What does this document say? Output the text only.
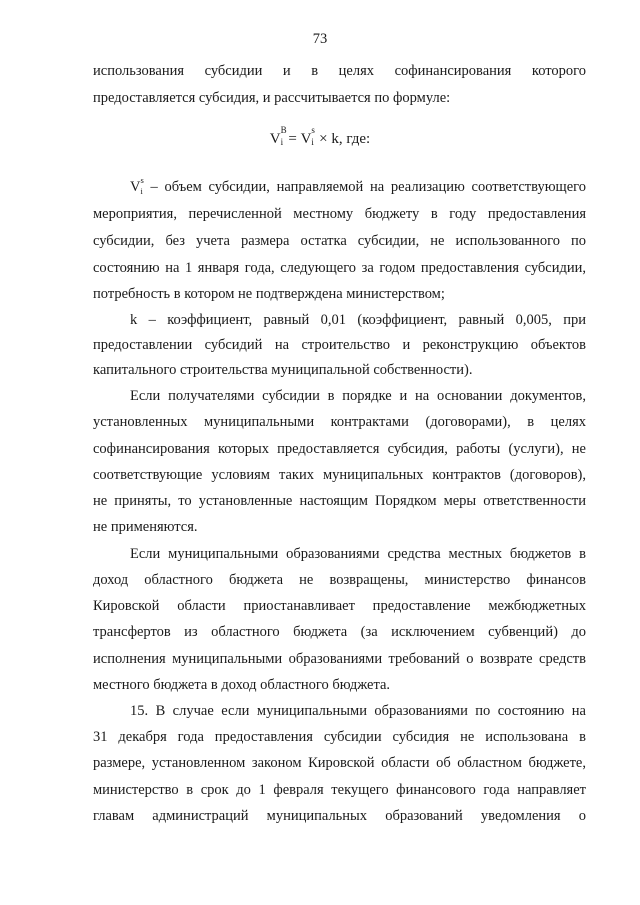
73
использования субсидии и в целях софинансирования которого
предоставляется субсидия, и рассчитывается по формуле:
V
В
i = V
s
i × k, где:
V s
i – объем субсидии, направляемой на реализацию соответствующего
мероприятия, перечисленной местному бюджету в году предоставления
субсидии, без учета размера остатка субсидии, не использованного по
состоянию на 1 января года, следующего за годом предоставления субсидии,
потребность в котором не подтверждена министерством;
k – коэффициент, равный 0,01 (коэффициент, равный 0,005, при
предоставлении субсидий на строительство и реконструкцию объектов
капитального строительства муниципальной собственности).
Если получателями субсидии в порядке и на основании документов,
установленных муниципальными контрактами (договорами), в целях
софинансирования которых предоставляется субсидия, работы (услуги), не
соответствующие условиям таких муниципальных контрактов (договоров),
не приняты, то установленные настоящим Порядком меры ответственности
не применяются.
Если муниципальными образованиями средства местных бюджетов в
доход областного бюджета не возвращены, министерство финансов
Кировской области приостанавливает предоставление межбюджетных
трансфертов из областного бюджета (за исключением субвенций) до
исполнения муниципальными образованиями требований о возврате средств
местного бюджета в доход областного бюджета.
15. В случае если муниципальными образованиями по состоянию на
31 декабря года предоставления субсидии субсидия не использована в
размере, установленном законом Кировской области об областном бюджете,
министерство в срок до 1 февраля текущего финансового года направляет
главам администраций муниципальных образований уведомления о
